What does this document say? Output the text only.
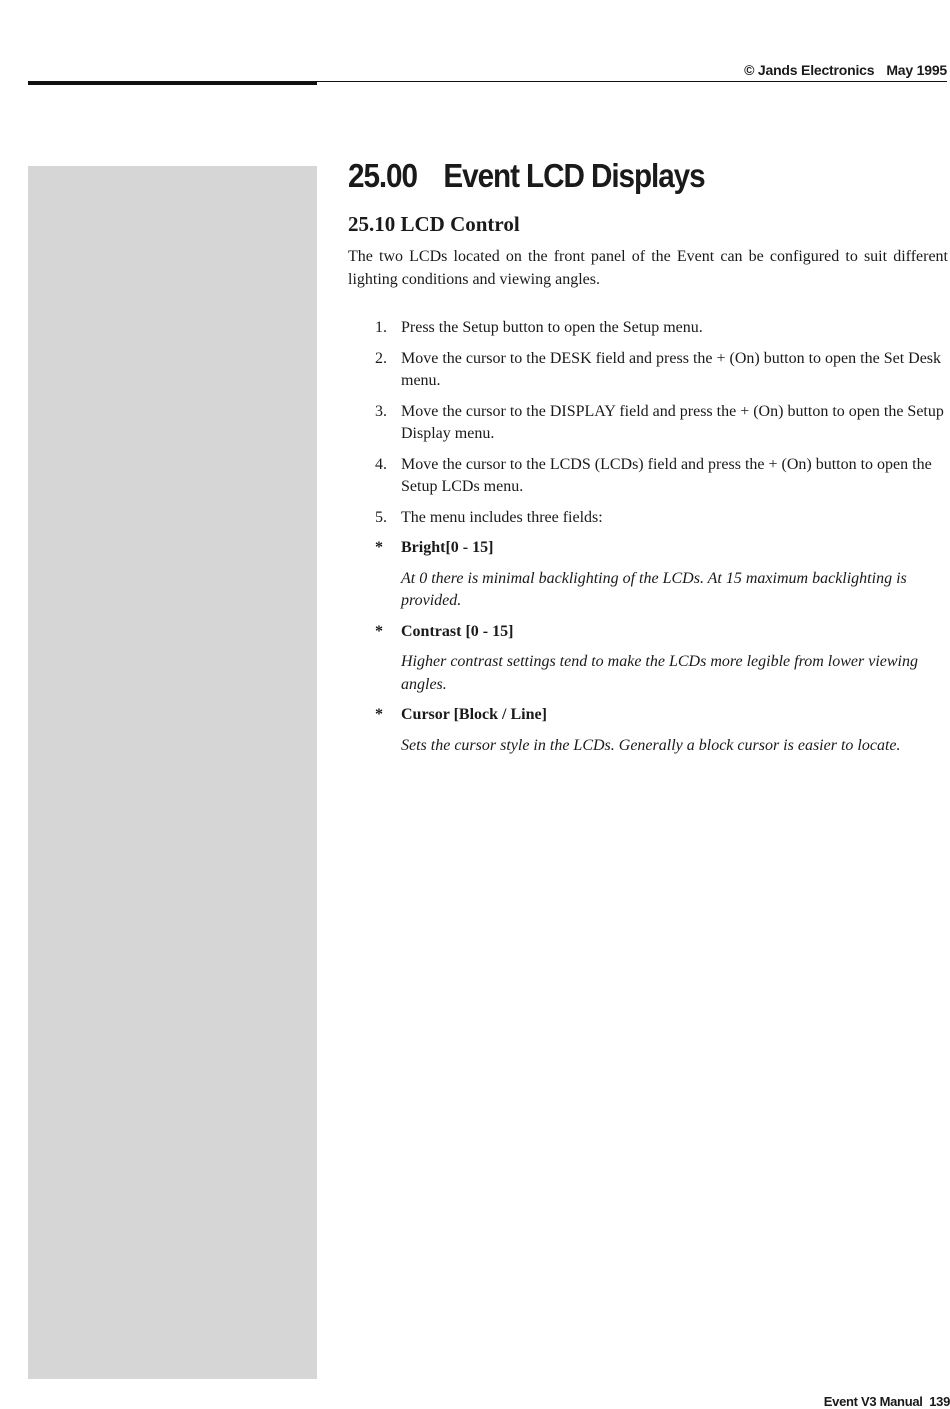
© Jands Electronics May 1995
25.00 Event LCD Displays
25.10 LCD Control

The two LCDs located on the front panel of the Event can be configured to suit different lighting conditions and viewing angles.

1. Press the Setup button to open the Setup menu.
2. Move the cursor to the DESK field and press the + (On) button to open the Set Desk menu.
3. Move the cursor to the DISPLAY field and press the + (On) button to open the Setup Display menu.
4. Move the cursor to the LCDS (LCDs) field and press the + (On) button to open the Setup LCDs menu.
5. The menu includes three fields:
* Bright[0 - 15]
At 0 there is minimal backlighting of the LCDs. At 15 maximum backlighting is provided.
* Contrast [0 - 15]
Higher contrast settings tend to make the LCDs more legible from lower viewing angles.
* Cursor [Block / Line]
Sets the cursor style in the LCDs. Generally a block cursor is easier to locate.
Event V3 Manual 139
